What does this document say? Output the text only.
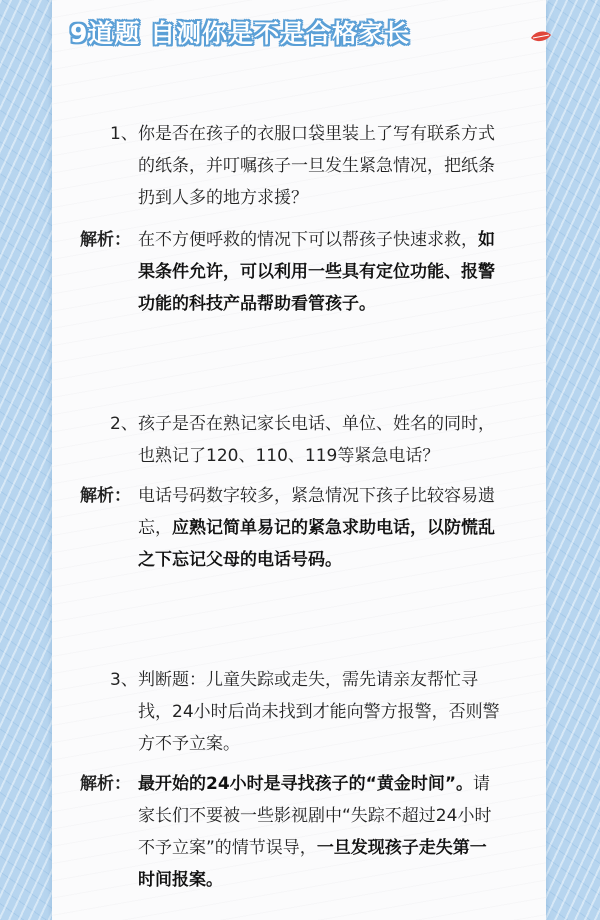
9道题 自测你是不是合格家长
1、 你是否在孩子的衣服口袋里装上了写有联系方式的纸条，并叮嘱孩子一旦发生紧急情况，把纸条扔到人多的地方求援？
解析： 在不方便呼救的情况下可以帮孩子快速求救，如果条件允许，可以利用一些具有定位功能、报警功能的科技产品帮助看管孩子。
2、 孩子是否在熟记家长电话、单位、姓名的同时，也熟记了120、110、119等紧急电话？
解析： 电话号码数字较多，紧急情况下孩子比较容易遗忘，应熟记简单易记的紧急求助电话，以防慌乱之下忘记父母的电话号码。
3、 判断题：儿童失踪或走失，需先请亲友帮忙寻找，24小时后尚未找到才能向警方报警，否则警方不予立案。
解析： 最开始的24小时是寻找孩子的“黄金时间”。请家长们不要被一些影视剧中“失踪不超过24小时不予立案”的情节误导，一旦发现孩子走失第一时间报案。
